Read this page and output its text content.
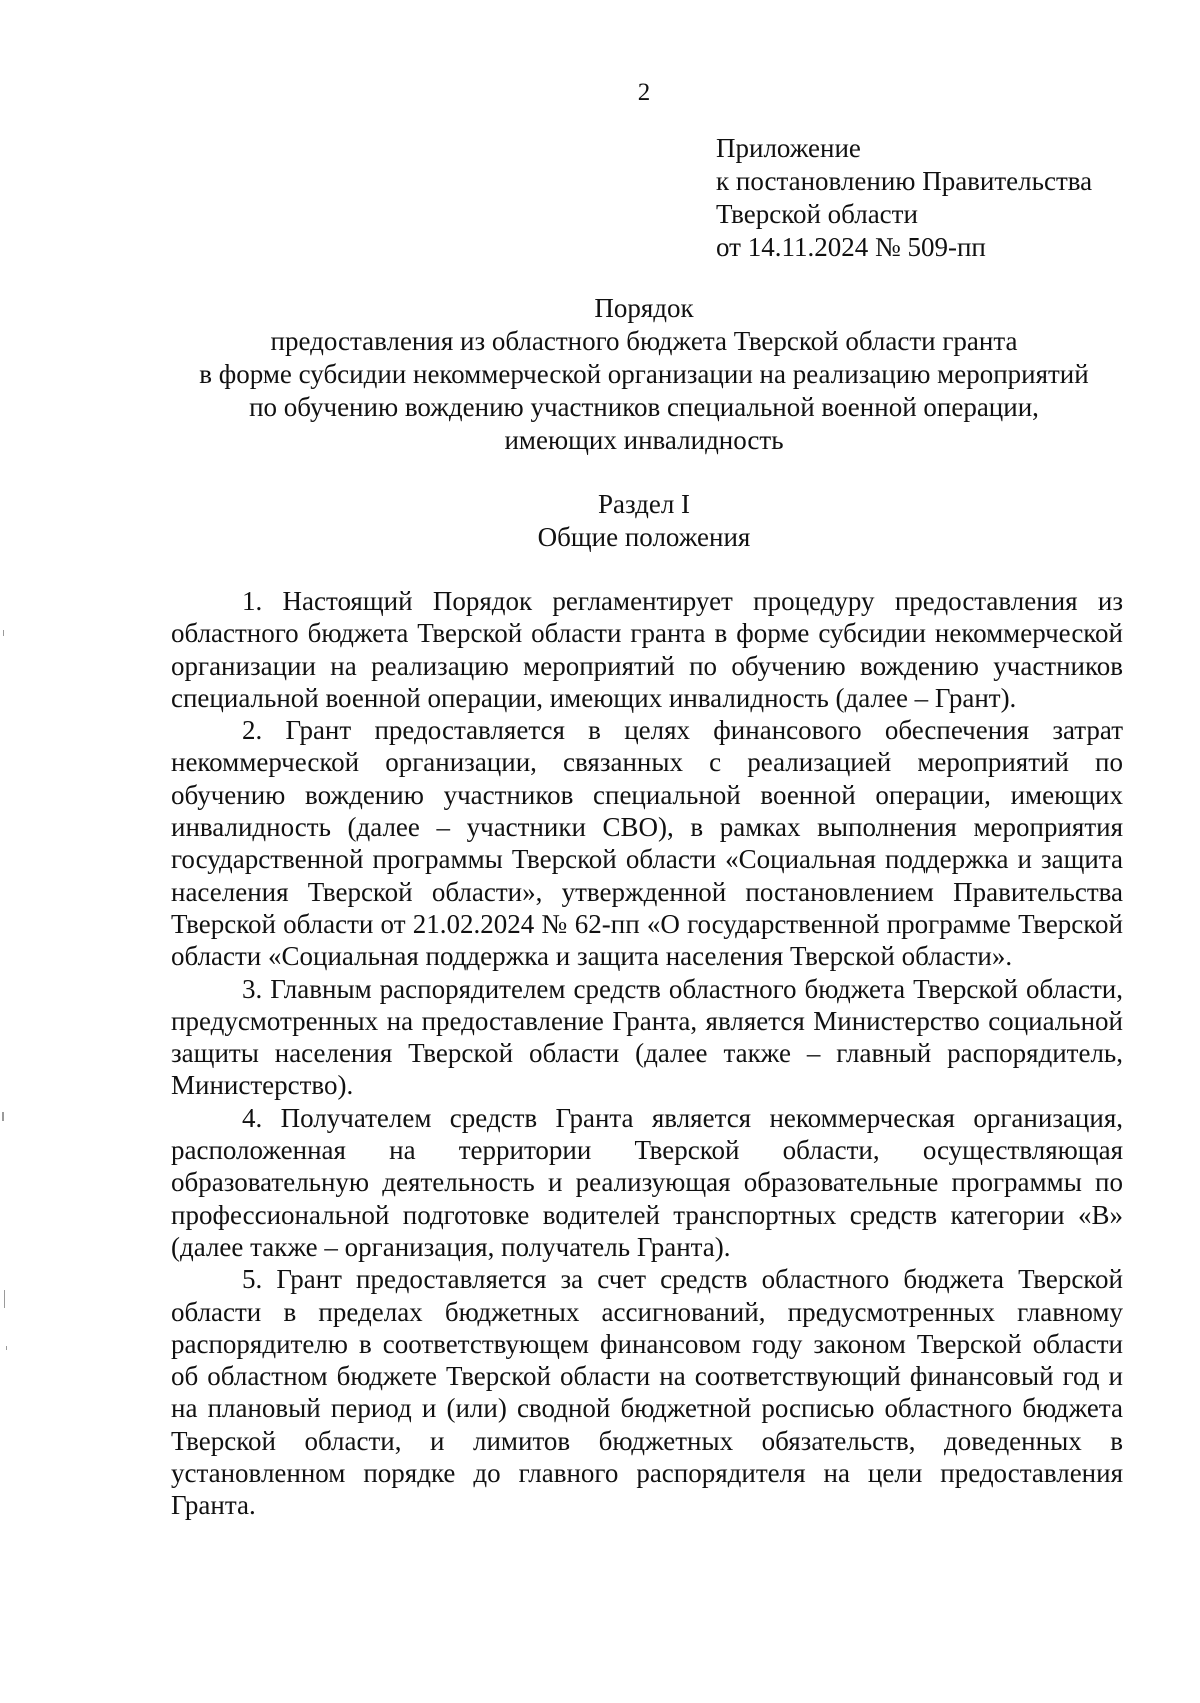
2
Приложение
к постановлению Правительства
Тверской области
от 14.11.2024 № 509-пп
Порядок
предоставления из областного бюджета Тверской области гранта
в форме субсидии некоммерческой организации на реализацию мероприятий
по обучению вождению участников специальной военной операции,
имеющих инвалидность
Раздел I
Общие положения

1. Настоящий Порядок регламентирует процедуру предоставления из областного бюджета Тверской области гранта в форме субсидии некоммерческой организации на реализацию мероприятий по обучению вождению участников специальной военной операции, имеющих инвалидность (далее – Грант).

2. Грант предоставляется в целях финансового обеспечения затрат некоммерческой организации, связанных с реализацией мероприятий по обучению вождению участников специальной военной операции, имеющих инвалидность (далее – участники СВО), в рамках выполнения мероприятия государственной программы Тверской области «Социальная поддержка и защита населения Тверской области», утвержденной постановлением Правительства Тверской области от 21.02.2024 № 62-пп «О государственной программе Тверской области «Социальная поддержка и защита населения Тверской области».

3. Главным распорядителем средств областного бюджета Тверской области, предусмотренных на предоставление Гранта, является Министерство социальной защиты населения Тверской области (далее также – главный распорядитель, Министерство).

4. Получателем средств Гранта является некоммерческая организация, расположенная на территории Тверской области, осуществляющая образовательную деятельность и реализующая образовательные программы по профессиональной подготовке водителей транспортных средств категории «В» (далее также – организация, получатель Гранта).

5. Грант предоставляется за счет средств областного бюджета Тверской области в пределах бюджетных ассигнований, предусмотренных главному распорядителю в соответствующем финансовом году законом Тверской области об областном бюджете Тверской области на соответствующий финансовый год и на плановый период и (или) сводной бюджетной росписью областного бюджета Тверской области, и лимитов бюджетных обязательств, доведенных в установленном порядке до главного распорядителя на цели предоставления Гранта.
